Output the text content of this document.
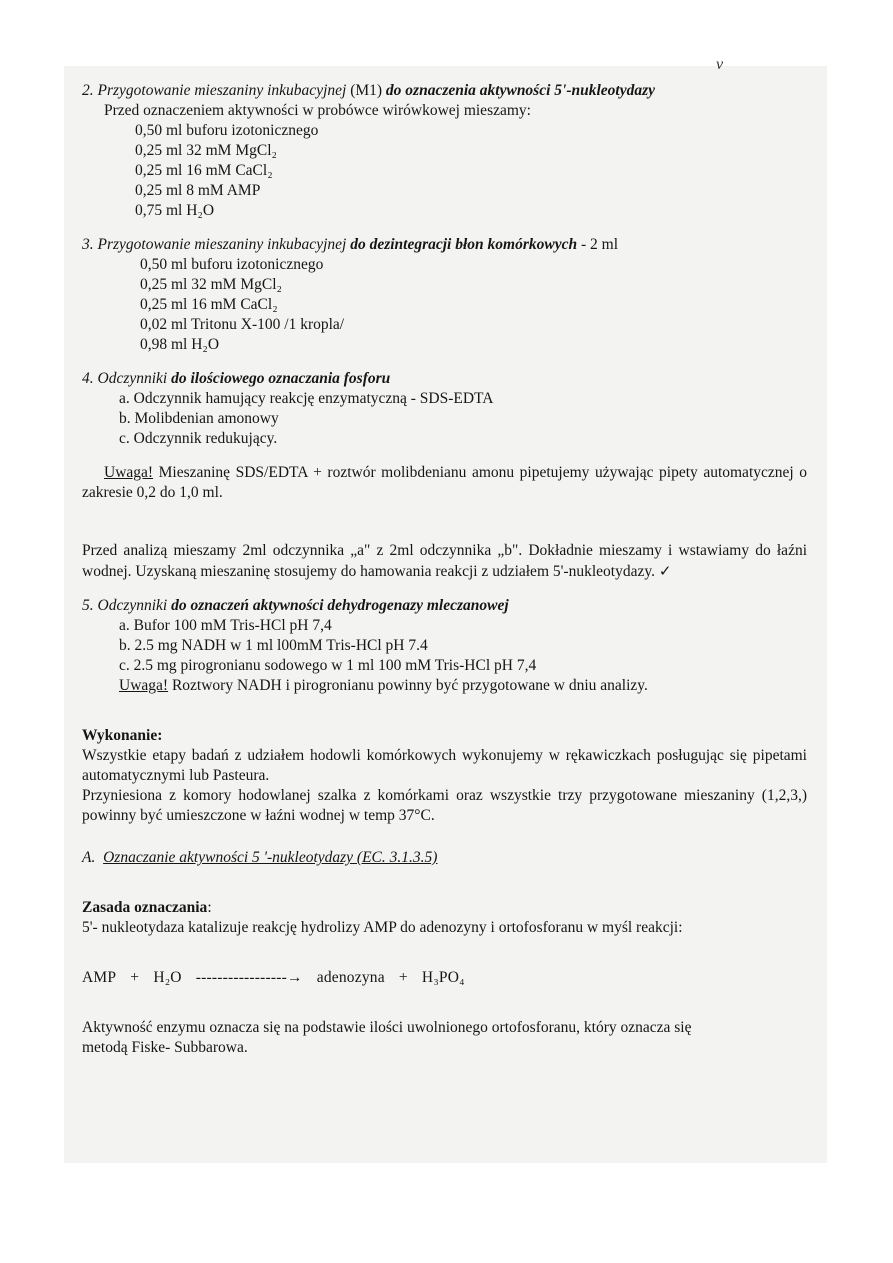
ν

2. Przygotowanie mieszaniny inkubacyjnej (M1) do oznaczenia aktywności 5'-nukleotydazy

Przed oznaczeniem aktywności w probówce wirówkowej mieszamy:

0,50 ml buforu izotonicznego

0,25 ml 32 mM MgCl₂

0,25 ml 16 mM CaCl₂

0,25 ml 8 mM AMP

0,75 ml H₂O

3. Przygotowanie mieszaniny inkubacyjnej do dezintegracji błon komórkowych - 2 ml

0,50 ml buforu izotonicznego

0,25 ml 32 mM MgCl₂

0,25 ml 16 mM CaCl₂

0,02 ml Tritonu X-100 /1 kropla/

0,98 ml H₂O

4. Odczynniki do ilościowego oznaczania fosforu

a. Odczynnik hamujący reakcję enzymatyczną - SDS-EDTA

b. Molibdenian amonowy

c. Odczynnik redukujący.

Uwaga! Mieszaninę SDS/EDTA + roztwór molibdenianu amonu pipetujemy używając pipety automatycznej o zakresie 0,2 do 1,0 ml.

Przed analizą mieszamy 2ml odczynnika „a" z 2ml odczynnika „b". Dokładnie mieszamy i wstawiamy do łaźni wodnej. Uzyskaną mieszaninę stosujemy do hamowania reakcji z udziałem 5'-nukleotydazy. ✓

5. Odczynniki do oznaczeń aktywności dehydrogenazy mleczanowej

a. Bufor 100 mM Tris-HCl pH 7,4

b. 2.5 mg NADH w 1 ml l00mM Tris-HCl pH 7.4

c. 2.5 mg pirogronianu sodowego w 1 ml 100 mM Tris-HCl pH 7,4

Uwaga! Roztwory NADH i pirogronianu powinny być przygotowane w dniu analizy.

Wykonanie:

Wszystkie etapy badań z udziałem hodowli komórkowych wykonujemy w rękawiczkach posługując się pipetami automatycznymi lub Pasteura.

Przyniesiona z komory hodowlanej szalka z komórkami oraz wszystkie trzy przygotowane mieszaniny (1,2,3,) powinny być umieszczone w łaźni wodnej w temp 37°C.

A.  Oznaczanie aktywności 5 '-nukleotydazy (EC. 3.1.3.5)

Zasada oznaczania:

5'- nukleotydaza katalizuje reakcję hydrolizy AMP do adenozyny i ortofosforanu w myśl reakcji:

AMP + H₂O -----------------→ adenozyna + H₃PO₄

Aktywność enzymu oznacza się na podstawie ilości uwolnionego ortofosforanu, który oznacza się metodą Fiske- Subbarowa.
